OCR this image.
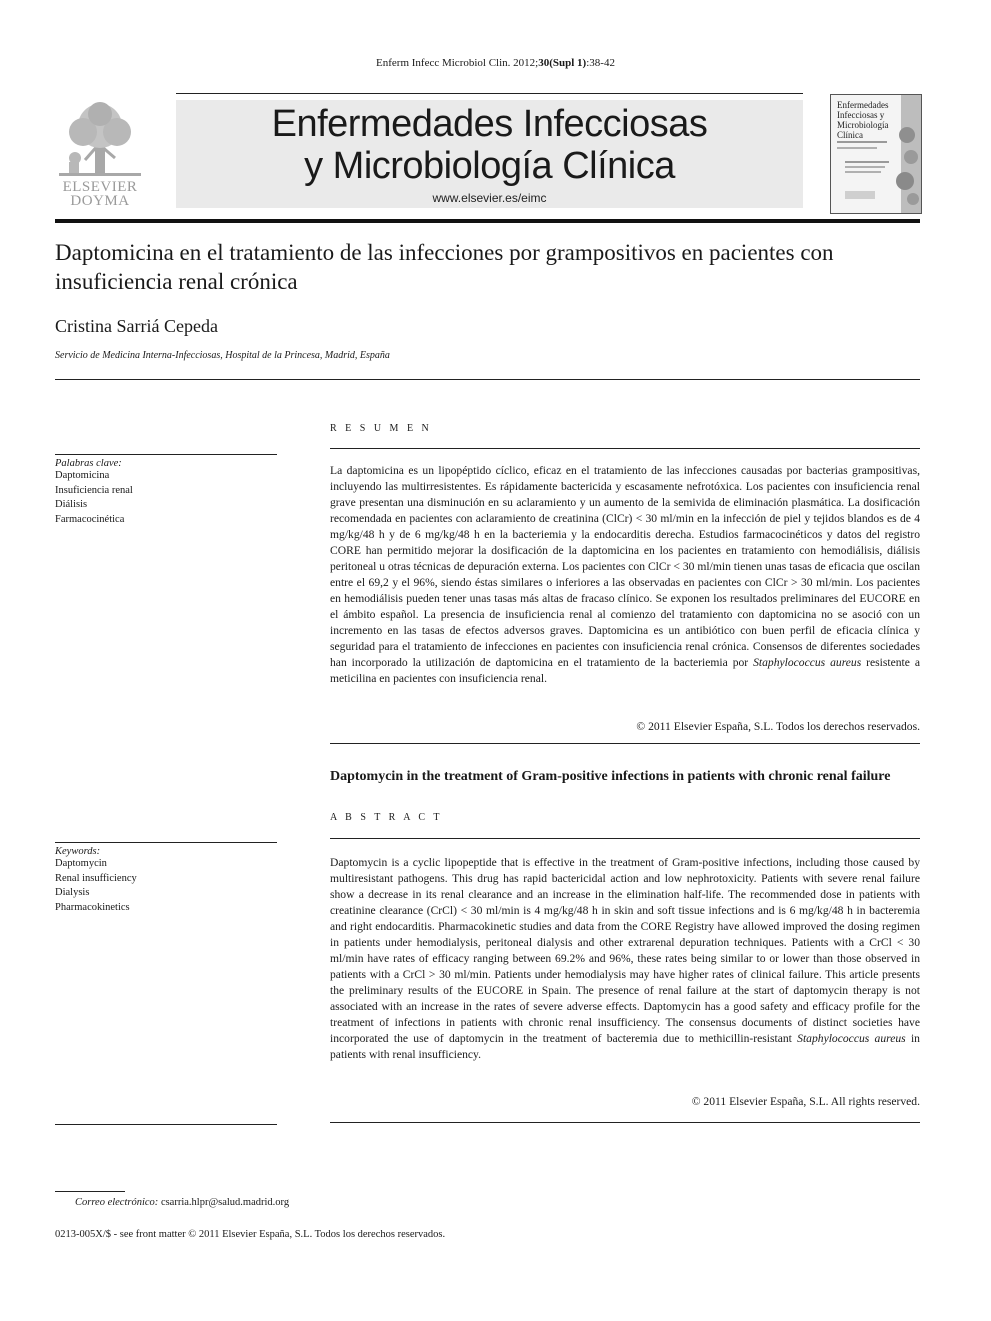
Enferm Infecc Microbiol Clin. 2012;30(Supl 1):38-42
ELSEVIER
DOYMA
Enfermedades Infecciosas
y Microbiología Clínica
www.elsevier.es/eimc
Enfermedades Infecciosas y Microbiología Clínica
Daptomicina en el tratamiento de las infecciones por grampositivos en pacientes con insuficiencia renal crónica
Cristina Sarriá Cepeda
Servicio de Medicina Interna-Infecciosas, Hospital de la Princesa, Madrid, España
R E S U M E N
Palabras clave:
Daptomicina
Insuficiencia renal
Diálisis
Farmacocinética
La daptomicina es un lipopéptido cíclico, eficaz en el tratamiento de las infecciones causadas por bacterias grampositivas, incluyendo las multirresistentes. Es rápidamente bactericida y escasamente nefrotóxica. Los pacientes con insuficiencia renal grave presentan una disminución en su aclaramiento y un aumento de la semivida de eliminación plasmática. La dosificación recomendada en pacientes con aclaramiento de creatinina (ClCr) < 30 ml/min en la infección de piel y tejidos blandos es de 4 mg/kg/48 h y de 6 mg/kg/48 h en la bacteriemia y la endocarditis derecha. Estudios farmacocinéticos y datos del registro CORE han permitido mejorar la dosificación de la daptomicina en los pacientes en tratamiento con hemodiálisis, diálisis peritoneal u otras técnicas de depuración externa. Los pacientes con ClCr < 30 ml/min tienen unas tasas de eficacia que oscilan entre el 69,2 y el 96%, siendo éstas similares o inferiores a las observadas en pacientes con ClCr > 30 ml/min. Los pacientes en hemodiálisis pueden tener unas tasas más altas de fracaso clínico. Se exponen los resultados preliminares del EUCORE en el ámbito español. La presencia de insuficiencia renal al comienzo del tratamiento con daptomicina no se asoció con un incremento en las tasas de efectos adversos graves. Daptomicina es un antibiótico con buen perfil de eficacia clínica y seguridad para el tratamiento de infecciones en pacientes con insuficiencia renal crónica. Consensos de diferentes sociedades han incorporado la utilización de daptomicina en el tratamiento de la bacteriemia por Staphylococcus aureus resistente a meticilina en pacientes con insuficiencia renal.
© 2011 Elsevier España, S.L. Todos los derechos reservados.
Daptomycin in the treatment of Gram-positive infections in patients with chronic renal failure
A B S T R A C T
Keywords:
Daptomycin
Renal insufficiency
Dialysis
Pharmacokinetics
Daptomycin is a cyclic lipopeptide that is effective in the treatment of Gram-positive infections, including those caused by multiresistant pathogens. This drug has rapid bactericidal action and low nephrotoxicity. Patients with severe renal failure show a decrease in its renal clearance and an increase in the elimination half-life. The recommended dose in patients with creatinine clearance (CrCl) < 30 ml/min is 4 mg/kg/48 h in skin and soft tissue infections and is 6 mg/kg/48 h in bacteremia and right endocarditis. Pharmacokinetic studies and data from the CORE Registry have allowed improved the dosing regimen in patients under hemodialysis, peritoneal dialysis and other extrarenal depuration techniques. Patients with a CrCl < 30 ml/min have rates of efficacy ranging between 69.2% and 96%, these rates being similar to or lower than those observed in patients with a CrCl > 30 ml/min. Patients under hemodialysis may have higher rates of clinical failure. This article presents the preliminary results of the EUCORE in Spain. The presence of renal failure at the start of daptomycin therapy is not associated with an increase in the rates of severe adverse effects. Daptomycin has a good safety and efficacy profile for the treatment of infections in patients with chronic renal insufficiency. The consensus documents of distinct societies have incorporated the use of daptomycin in the treatment of bacteremia due to methicillin-resistant Staphylococcus aureus in patients with renal insufficiency.
© 2011 Elsevier España, S.L. All rights reserved.
Correo electrónico: csarria.hlpr@salud.madrid.org
0213-005X/$ - see front matter © 2011 Elsevier España, S.L. Todos los derechos reservados.
